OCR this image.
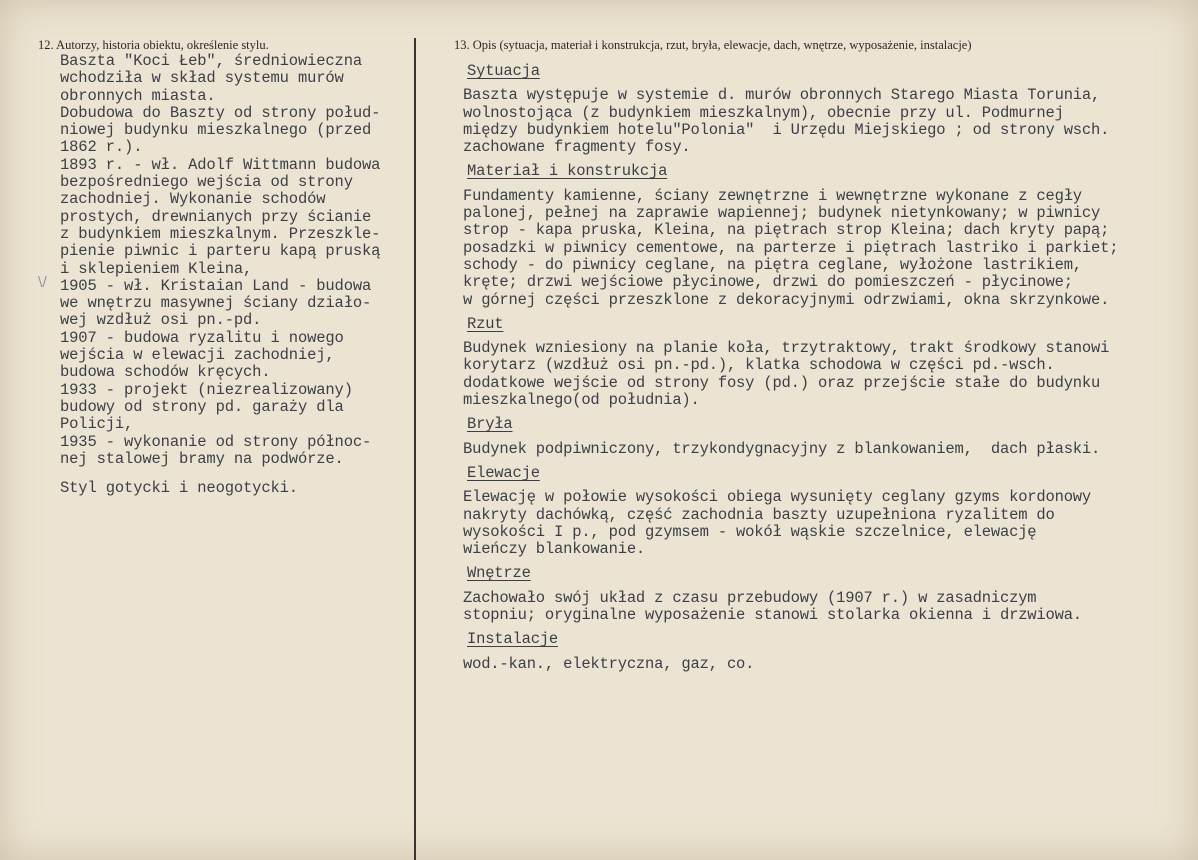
12. Autorzy, historia obiektu, określenie stylu.	13. Opis (sytuacja, materiał i konstrukcja, rzut, bryła, elewacje, dach, wnętrze, wyposażenie, instalacje)
\/
Baszta "Koci Łeb", średniowieczna
wchodziła w skład systemu murów
obronnych miasta.
Dobudowa do Baszty od strony połud-
niowej budynku mieszkalnego (przed
1862 r.).
1893 r. - wł. Adolf Wittmann budowa
bezpośredniego wejścia od strony
zachodniej. Wykonanie schodów
prostych, drewnianych przy ścianie
z budynkiem mieszkalnym. Przeszkle-
pienie piwnic i parteru kapą pruską
i sklepieniem Kleina,
1905 - wł. Kristaian Land - budowa
we wnętrzu masywnej ściany działo-
wej wzdłuż osi pn.-pd.
1907 - budowa ryzalitu i nowego
wejścia w elewacji zachodniej,
budowa schodów kręcych.
1933 - projekt (niezrealizowany)
budowy od strony pd. garaży dla
Policji,
1935 - wykonanie od strony północ-
nej stalowej bramy na podwórze.
Styl gotycki i neogotycki.
Sytuacja
Baszta występuje w systemie d. murów obronnych Starego Miasta Torunia,
wolnostojąca (z budynkiem mieszkalnym), obecnie przy ul. Podmurnej
między budynkiem hotelu"Polonia"  i Urzędu Miejskiego ; od strony wsch.
zachowane fragmenty fosy.
Materiał i konstrukcja
Fundamenty kamienne, ściany zewnętrzne i wewnętrzne wykonane z cegły
palonej, pełnej na zaprawie wapiennej; budynek nietynkowany; w piwnicy
strop - kapa pruska, Kleina, na piętrach strop Kleina; dach kryty papą;
posadzki w piwnicy cementowe, na parterze i piętrach lastriko i parkiet;
schody - do piwnicy ceglane, na piętra ceglane, wyłożone lastrikiem,
kręte; drzwi wejściowe płycinowe, drzwi do pomieszczeń - płycinowe;
w górnej części przeszklone z dekoracyjnymi odrzwiami, okna skrzynkowe.
Rzut
Budynek wzniesiony na planie koła, trzytraktowy, trakt środkowy stanowi
korytarz (wzdłuż osi pn.-pd.), klatka schodowa w części pd.-wsch.
dodatkowe wejście od strony fosy (pd.) oraz przejście stałe do budynku
mieszkalnego(od południa).
Bryła
Budynek podpiwniczony, trzykondygnacyjny z blankowaniem,  dach płaski.
Elewacje
Elewację w połowie wysokości obiega wysunięty ceglany gzyms kordonowy
nakryty dachówką, część zachodnia baszty uzupełniona ryzalitem do
wysokości I p., pod gzymsem - wokół wąskie szczelnice, elewację
wieńczy blankowanie.
Wnętrze
Zachowało swój układ z czasu przebudowy (1907 r.) w zasadniczym
stopniu; oryginalne wyposażenie stanowi stolarka okienna i drzwiowa.
Instalacje
wod.-kan., elektryczna, gaz, co.
